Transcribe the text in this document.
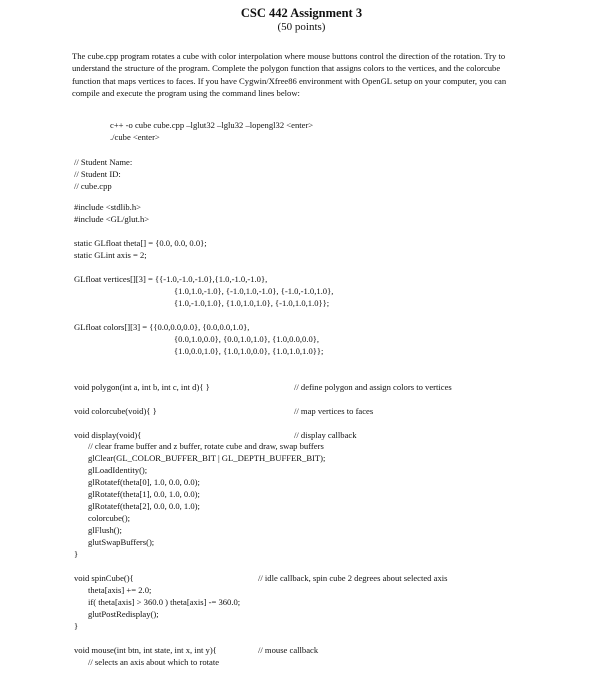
CSC 442 Assignment 3
(50 points)

The cube.cpp program rotates a cube with color interpolation where mouse buttons control the direction of the rotation. Try to understand the structure of the program. Complete the polygon function that assigns colors to the vertices, and the colorcube function that maps vertices to faces. If you have Cygwin/Xfree86 environment with OpenGL setup on your computer, you can compile and execute the program using the command lines below:

c++ -o cube cube.cpp –lglut32 –lglu32 –lopengl32 <enter>
./cube <enter>
// Student Name:
// Student ID:
// cube.cpp
#include <stdlib.h>
#include <GL/glut.h>
static GLfloat theta[] = {0.0, 0.0, 0.0};
static GLint axis = 2;
GLfloat vertices[][3] = {{-1.0,-1.0,-1.0},{1.0,-1.0,-1.0},
{1.0,1.0,-1.0}, {-1.0,1.0,-1.0}, {-1.0,-1.0,1.0},
{1.0,-1.0,1.0}, {1.0,1.0,1.0}, {-1.0,1.0,1.0}};
GLfloat colors[][3] = {{0.0,0.0,0.0}, {0.0,0.0,1.0},
{0.0,1.0,0.0}, {0.0,1.0,1.0}, {1.0,0.0,0.0},
{1.0,0.0,1.0}, {1.0,1.0,0.0}, {1.0,1.0,1.0}};
void polygon(int a, int b, int c, int d){ }	// define polygon and assign colors to vertices
void colorcube(void){ }	// map vertices to faces
void display(void){	// display callback
// clear frame buffer and z buffer, rotate cube and draw, swap buffers
glClear(GL_COLOR_BUFFER_BIT | GL_DEPTH_BUFFER_BIT);
glLoadIdentity();
glRotatef(theta[0], 1.0, 0.0, 0.0);
glRotatef(theta[1], 0.0, 1.0, 0.0);
glRotatef(theta[2], 0.0, 0.0, 1.0);
colorcube();
glFlush();
glutSwapBuffers();
}
void spinCube(){	// idle callback, spin cube 2 degrees about selected axis
theta[axis] += 2.0;
if( theta[axis] > 360.0 ) theta[axis] -= 360.0;
glutPostRedisplay();
}
void mouse(int btn, int state, int x, int y){	// mouse callback
// selects an axis about which to rotate
